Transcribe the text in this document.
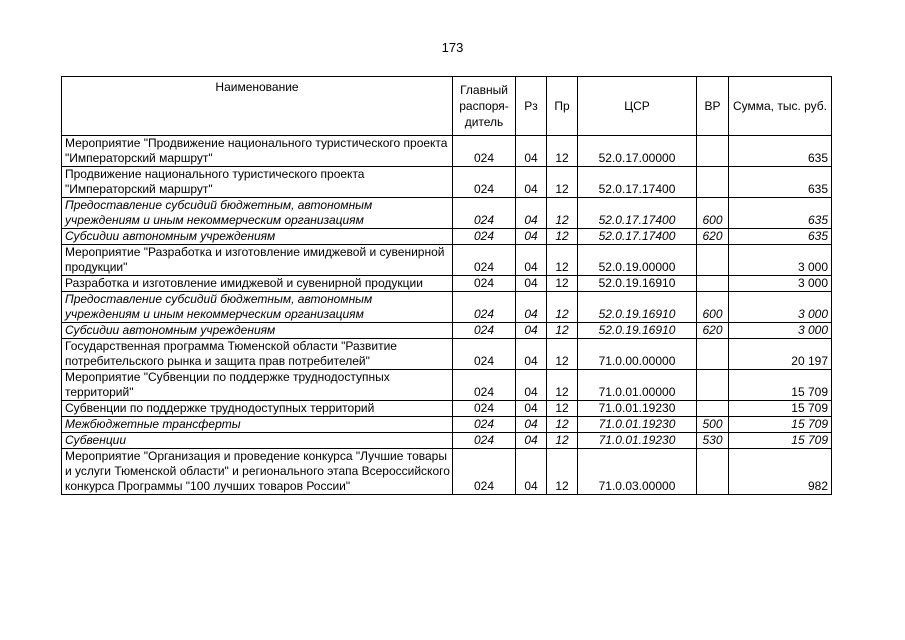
173
Наименование	Главный распоря-дитель	Рз	Пр	ЦСР	ВР	Сумма, тыс. руб.
Мероприятие "Продвижение национального туристического проекта "Императорский маршрут"	024	04	12	52.0.17.00000		635
Продвижение национального туристического проекта "Императорский маршрут"	024	04	12	52.0.17.17400		635
Предоставление субсидий бюджетным, автономным учреждениям и иным некоммерческим организациям	024	04	12	52.0.17.17400	600	635
Субсидии автономным учреждениям	024	04	12	52.0.17.17400	620	635
Мероприятие "Разработка и изготовление имиджевой и сувенирной продукции"	024	04	12	52.0.19.00000		3 000
Разработка и изготовление имиджевой и сувенирной продукции	024	04	12	52.0.19.16910		3 000
Предоставление субсидий бюджетным, автономным учреждениям и иным некоммерческим организациям	024	04	12	52.0.19.16910	600	3 000
Субсидии автономным учреждениям	024	04	12	52.0.19.16910	620	3 000
Государственная программа Тюменской области "Развитие потребительского рынка и защита прав потребителей"	024	04	12	71.0.00.00000		20 197
Мероприятие "Субвенции по поддержке труднодоступных территорий"	024	04	12	71.0.01.00000		15 709
Субвенции по поддержке труднодоступных территорий	024	04	12	71.0.01.19230		15 709
Межбюджетные трансферты	024	04	12	71.0.01.19230	500	15 709
Субвенции	024	04	12	71.0.01.19230	530	15 709
Мероприятие "Организация и проведение конкурса "Лучшие товары и услуги Тюменской области" и регионального этапа Всероссийского конкурса Программы "100 лучших товаров России"	024	04	12	71.0.03.00000		982
